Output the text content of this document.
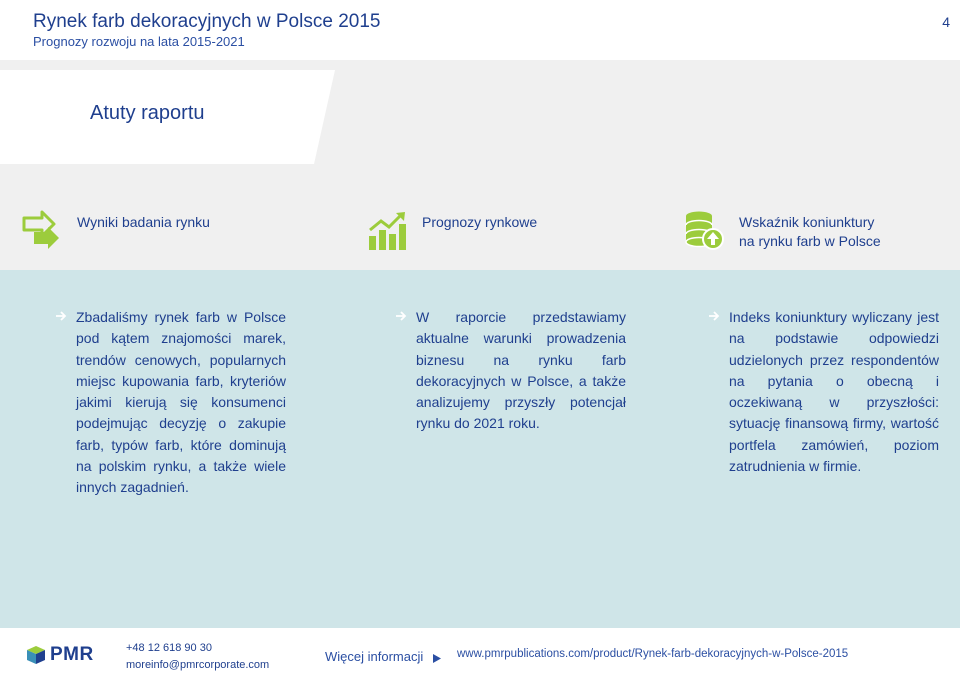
Rynek farb dekoracyjnych w Polsce 2015
Prognozy rozwoju na lata 2015-2021
4
Atuty raportu
Wyniki badania rynku	Prognozy rynkowe	Wskaźnik koniunktury
na rynku farb w Polsce
Zbadaliśmy rynek farb w Polsce pod kątem znajomości marek, trendów cenowych, popularnych miejsc kupowania farb, kryteriów jakimi kierują się konsumenci podejmując decyzję o zakupie farb, typów farb, które dominują na polskim rynku, a także wiele innych zagadnień.
W raporcie przedstawiamy aktualne warunki prowadzenia biznesu na rynku farb dekoracyjnych w Polsce, a także analizujemy przyszły potencjał rynku do 2021 roku.
Indeks koniunktury wyliczany jest na podstawie odpowiedzi udzielonych przez respondentów na pytania o obecną i oczekiwaną w przyszłości: sytuację finansową firmy, wartość portfela zamówień, poziom zatrudnienia w firmie.
PMR	+48 12 618 90 30
moreinfo@pmrcorporate.com
Więcej informacji	www.pmrpublications.com/product/Rynek-farb-dekoracyjnych-w-Polsce-2015
